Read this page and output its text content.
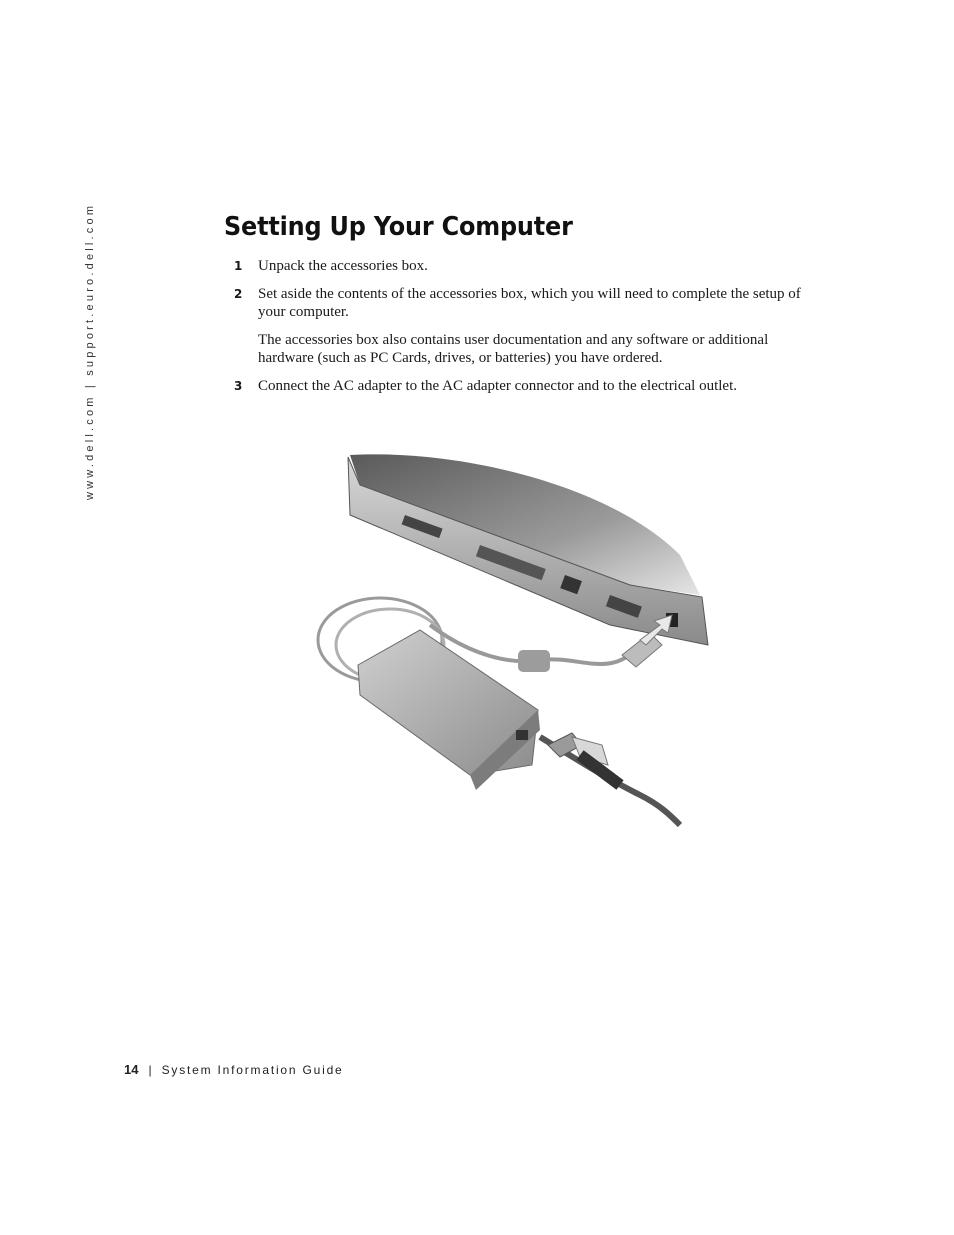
www.dell.com | support.euro.dell.com	Setting Up Your Computer
1 Unpack the accessories box.
2 Set aside the contents of the accessories box, which you will need to complete the setup of your computer.
The accessories box also contains user documentation and any software or additional hardware (such as PC Cards, drives, or batteries) you have ordered.
3 Connect the AC adapter to the AC adapter connector and to the electrical outlet.
14 | System Information Guide
